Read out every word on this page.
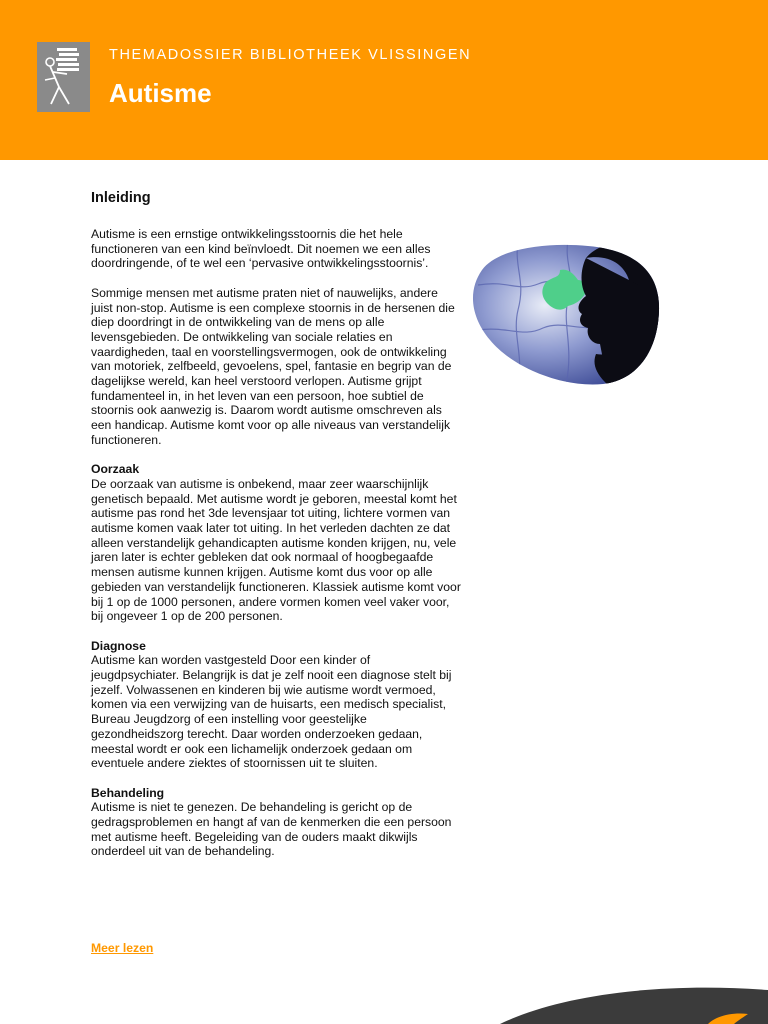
THEMADOSSIER BIBLIOTHEEK VLISSINGEN
Autisme
Inleiding

Autisme is een ernstige ontwikkelingsstoornis die het hele functioneren van een kind beïnvloedt. Dit noemen we een alles doordringende, of te wel een ‘pervasive ontwikkelingsstoornis’.

Sommige mensen met autisme praten niet of nauwelijks, andere juist non-stop. Autisme is een complexe stoornis in de hersenen die diep doordringt in de ontwikkeling van de mens op alle levensgebieden. De ontwikkeling van sociale relaties en vaardigheden, taal en voorstellingsvermogen, ook de ontwikkeling van motoriek, zelfbeeld, gevoelens, spel, fantasie en begrip van de dagelijkse wereld, kan heel verstoord verlopen. Autisme grijpt fundamenteel in, in het leven van een persoon, hoe subtiel de stoornis ook aanwezig is. Daarom wordt autisme omschreven als een handicap. Autisme komt voor op alle niveaus van verstandelijk functioneren.

Oorzaak

De oorzaak van autisme is onbekend, maar zeer waarschijnlijk genetisch bepaald. Met autisme wordt je geboren, meestal komt het autisme pas rond het 3de levensjaar tot uiting, lichtere vormen van autisme komen vaak later tot uiting. In het verleden dachten ze dat alleen verstandelijk gehandicapten autisme konden krijgen, nu, vele jaren later is echter gebleken dat ook normaal of hoogbegaafde mensen autisme kunnen krijgen. Autisme komt dus voor op alle gebieden van verstandelijk functioneren. Klassiek autisme komt voor bij 1 op de 1000 personen, andere vormen komen veel vaker voor, bij ongeveer 1 op de 200 personen.

Diagnose

Autisme kan worden vastgesteld Door een kinder of jeugdpsychiater. Belangrijk is dat je zelf nooit een diagnose stelt bij jezelf. Volwassenen en kinderen bij wie autisme wordt vermoed, komen via een verwijzing van de huisarts, een medisch specialist, Bureau Jeugdzorg of een instelling voor geestelijke gezondheidszorg terecht. Daar worden onderzoeken gedaan, meestal wordt er ook een lichamelijk onderzoek gedaan om eventuele andere ziektes of stoornissen uit te sluiten.

Behandeling

Autisme is niet te genezen. De behandeling is gericht op de gedragsproblemen en hangt af van de kenmerken die een persoon met autisme heeft. Begeleiding van de ouders maakt dikwijls onderdeel uit van de behandeling.

Meer lezen
